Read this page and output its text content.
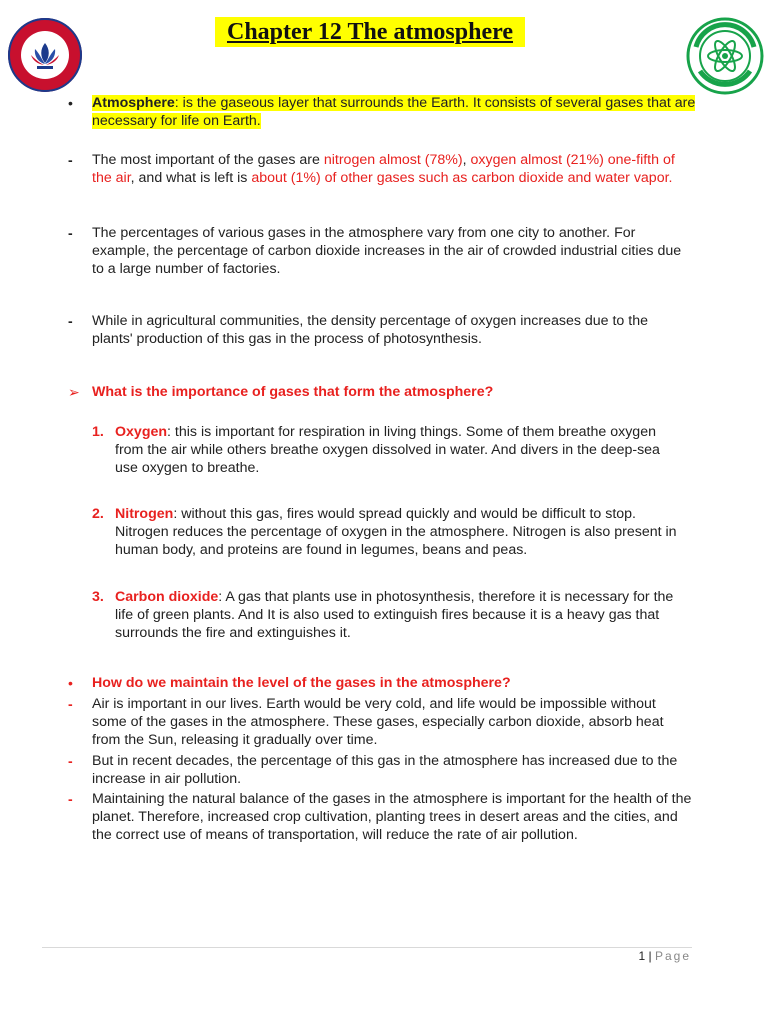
Chapter 12 The atmosphere
• Atmosphere: is the gaseous layer that surrounds the Earth. It consists of several gases that are necessary for life on Earth.
- The most important of the gases are nitrogen almost (78%), oxygen almost (21%) one-fifth of the air, and what is left is about (1%) of other gases such as carbon dioxide and water vapor.
- The percentages of various gases in the atmosphere vary from one city to another. For example, the percentage of carbon dioxide increases in the air of crowded industrial cities due to a large number of factories.
- While in agricultural communities, the density percentage of oxygen increases due to the plants' production of this gas in the process of photosynthesis.
➢ What is the importance of gases that form the atmosphere?
1. Oxygen: this is important for respiration in living things. Some of them breathe oxygen from the air while others breathe oxygen dissolved in water. And divers in the deep-sea use oxygen to breathe.
2. Nitrogen: without this gas, fires would spread quickly and would be difficult to stop. Nitrogen reduces the percentage of oxygen in the atmosphere. Nitrogen is also present in human body, and proteins are found in legumes, beans and peas.
3. Carbon dioxide: A gas that plants use in photosynthesis, therefore it is necessary for the life of green plants. And It is also used to extinguish fires because it is a heavy gas that surrounds the fire and extinguishes it.
• How do we maintain the level of the gases in the atmosphere?
- Air is important in our lives. Earth would be very cold, and life would be impossible without some of the gases in the atmosphere. These gases, especially carbon dioxide, absorb heat from the Sun, releasing it gradually over time.
- But in recent decades, the percentage of this gas in the atmosphere has increased due to the increase in air pollution.
- Maintaining the natural balance of the gases in the atmosphere is important for the health of the planet. Therefore, increased crop cultivation, planting trees in desert areas and the cities, and the correct use of means of transportation, will reduce the rate of air pollution.
1 | Page
